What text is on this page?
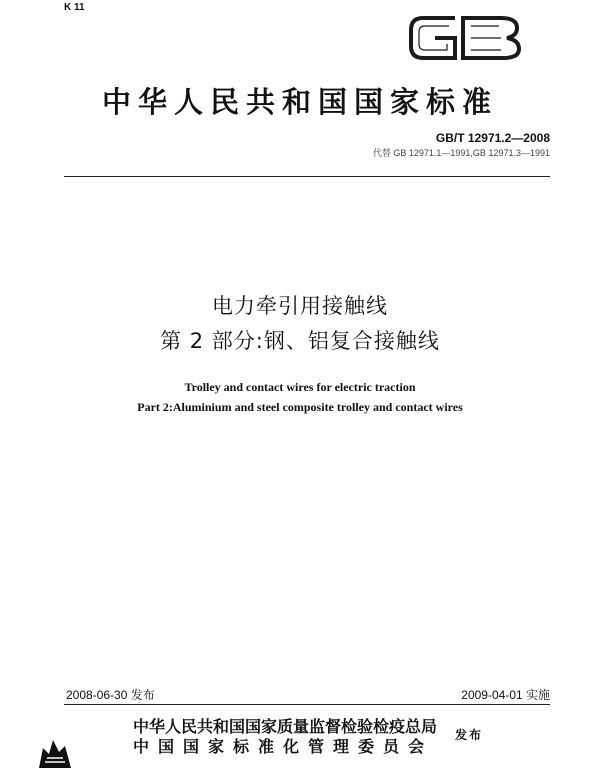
K 11
中华人民共和国国家标准
GB/T 12971.2—2008
代替 GB 12971.1—1991,GB 12971.3—1991
电力牵引用接触线
第 2 部分:钢、铝复合接触线
Trolley and contact wires for electric traction
Part 2:Aluminium and steel composite trolley and contact wires
2008-06-30 发布	2009-04-01 实施
中华人民共和国国家质量监督检验检疫总局
中国国家标准化管理委员会
发布
